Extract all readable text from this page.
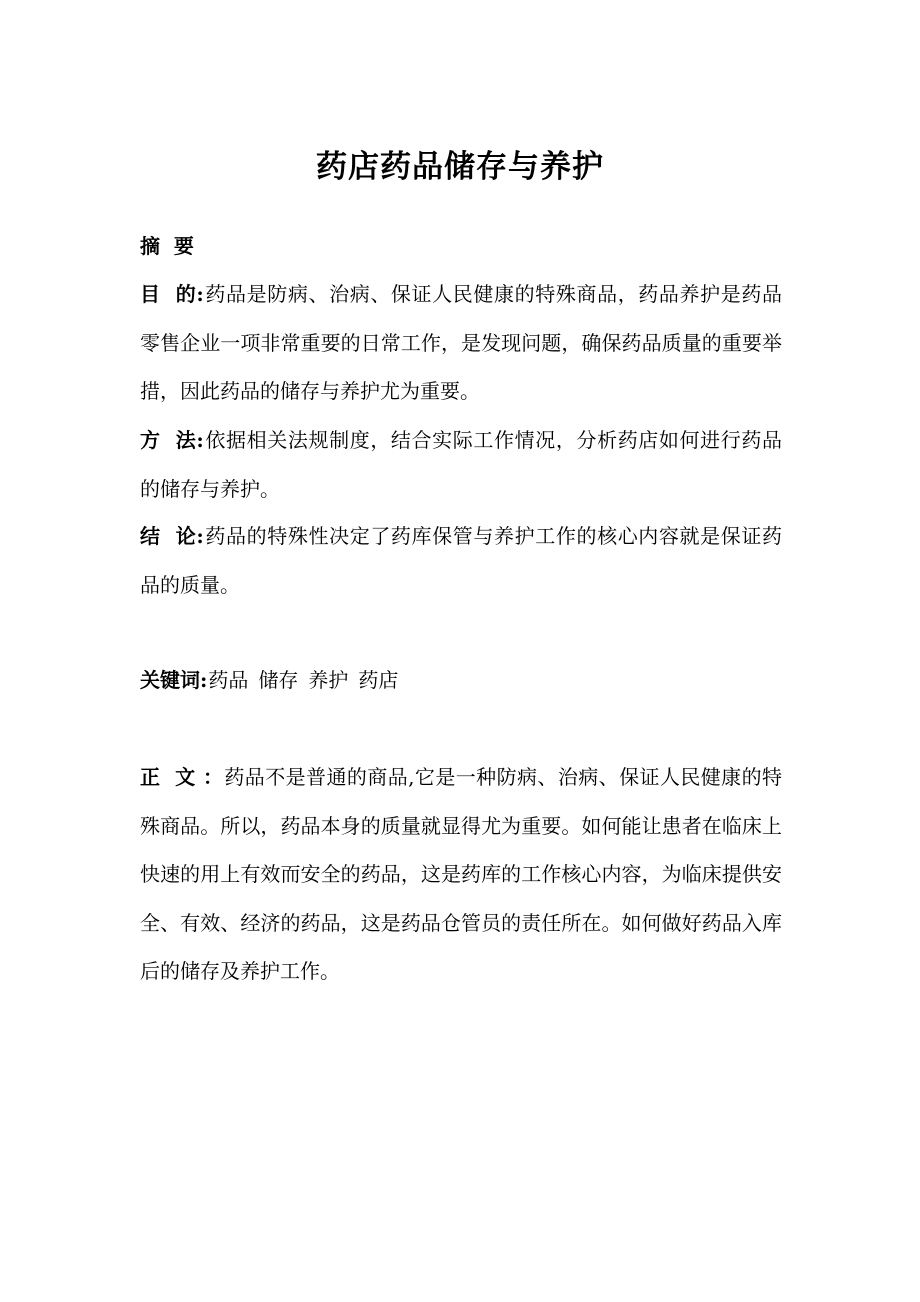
药店药品储存与养护

摘  要

目  的:药品是防病、治病、保证人民健康的特殊商品，药品养护是药品零售企业一项非常重要的日常工作，是发现问题，确保药品质量的重要举措，因此药品的储存与养护尤为重要。

方  法:依据相关法规制度，结合实际工作情况，分析药店如何进行药品的储存与养护。

结  论:药品的特殊性决定了药库保管与养护工作的核心内容就是保证药品的质量。

关键词:药品 储存 养护 药店

正  文 ：药品不是普通的商品,它是一种防病、治病、保证人民健康的特殊商品。所以，药品本身的质量就显得尤为重要。如何能让患者在临床上快速的用上有效而安全的药品，这是药库的工作核心内容，为临床提供安全、有效、经济的药品，这是药品仓管员的责任所在。如何做好药品入库后的储存及养护工作。
